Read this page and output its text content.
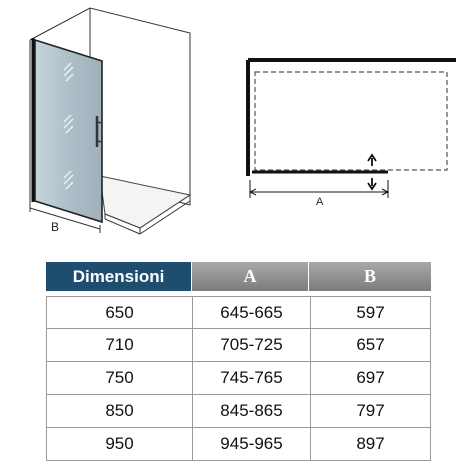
B
A
Dimensioni	A	B
650	645-665	597
710	705-725	657
750	745-765	697
850	845-865	797
950	945-965	897
